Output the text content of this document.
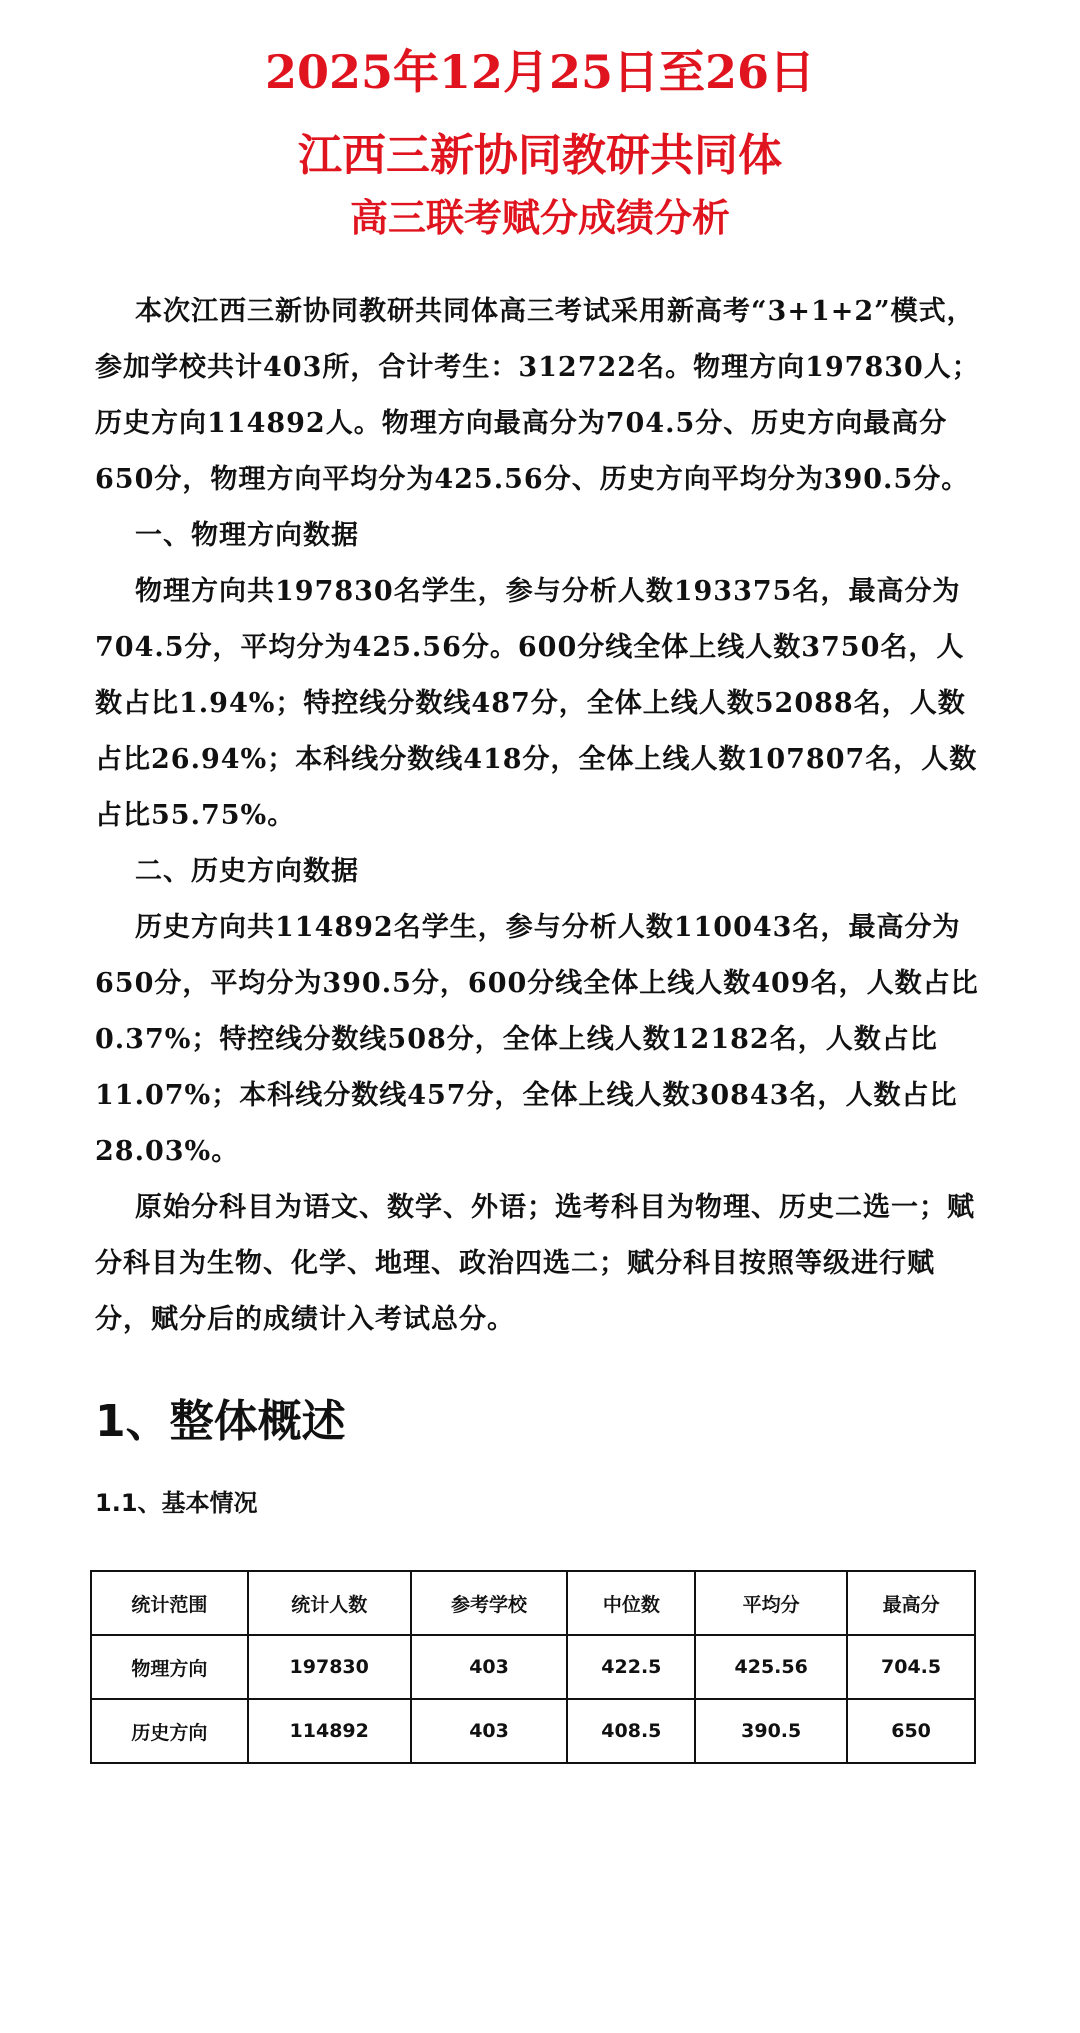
2025年12月25日至26日
江西三新协同教研共同体
高三联考赋分成绩分析

本次江西三新协同教研共同体高三考试采用新高考“3+1+2”模式，参加学校共计403所，合计考生：312722名。物理方向197830人；历史方向114892人。物理方向最高分为704.5分、历史方向最高分650分，物理方向平均分为425.56分、历史方向平均分为390.5分。

一、物理方向数据

物理方向共197830名学生，参与分析人数193375名，最高分为704.5分，平均分为425.56分。600分线全体上线人数3750名，人数占比1.94%；特控线分数线487分，全体上线人数52088名，人数占比26.94%；本科线分数线418分，全体上线人数107807名，人数占比55.75%。

二、历史方向数据

历史方向共114892名学生，参与分析人数110043名，最高分为650分，平均分为390.5分，600分线全体上线人数409名，人数占比0.37%；特控线分数线508分，全体上线人数12182名，人数占比11.07%；本科线分数线457分，全体上线人数30843名，人数占比28.03%。

原始分科目为语文、数学、外语；选考科目为物理、历史二选一；赋分科目为生物、化学、地理、政治四选二；赋分科目按照等级进行赋分，赋分后的成绩计入考试总分。

1、整体概述
1.1、基本情况
统计范围	统计人数	参考学校	中位数	平均分	最高分
物理方向	197830	403	422.5	425.56	704.5
历史方向	114892	403	408.5	390.5	650
